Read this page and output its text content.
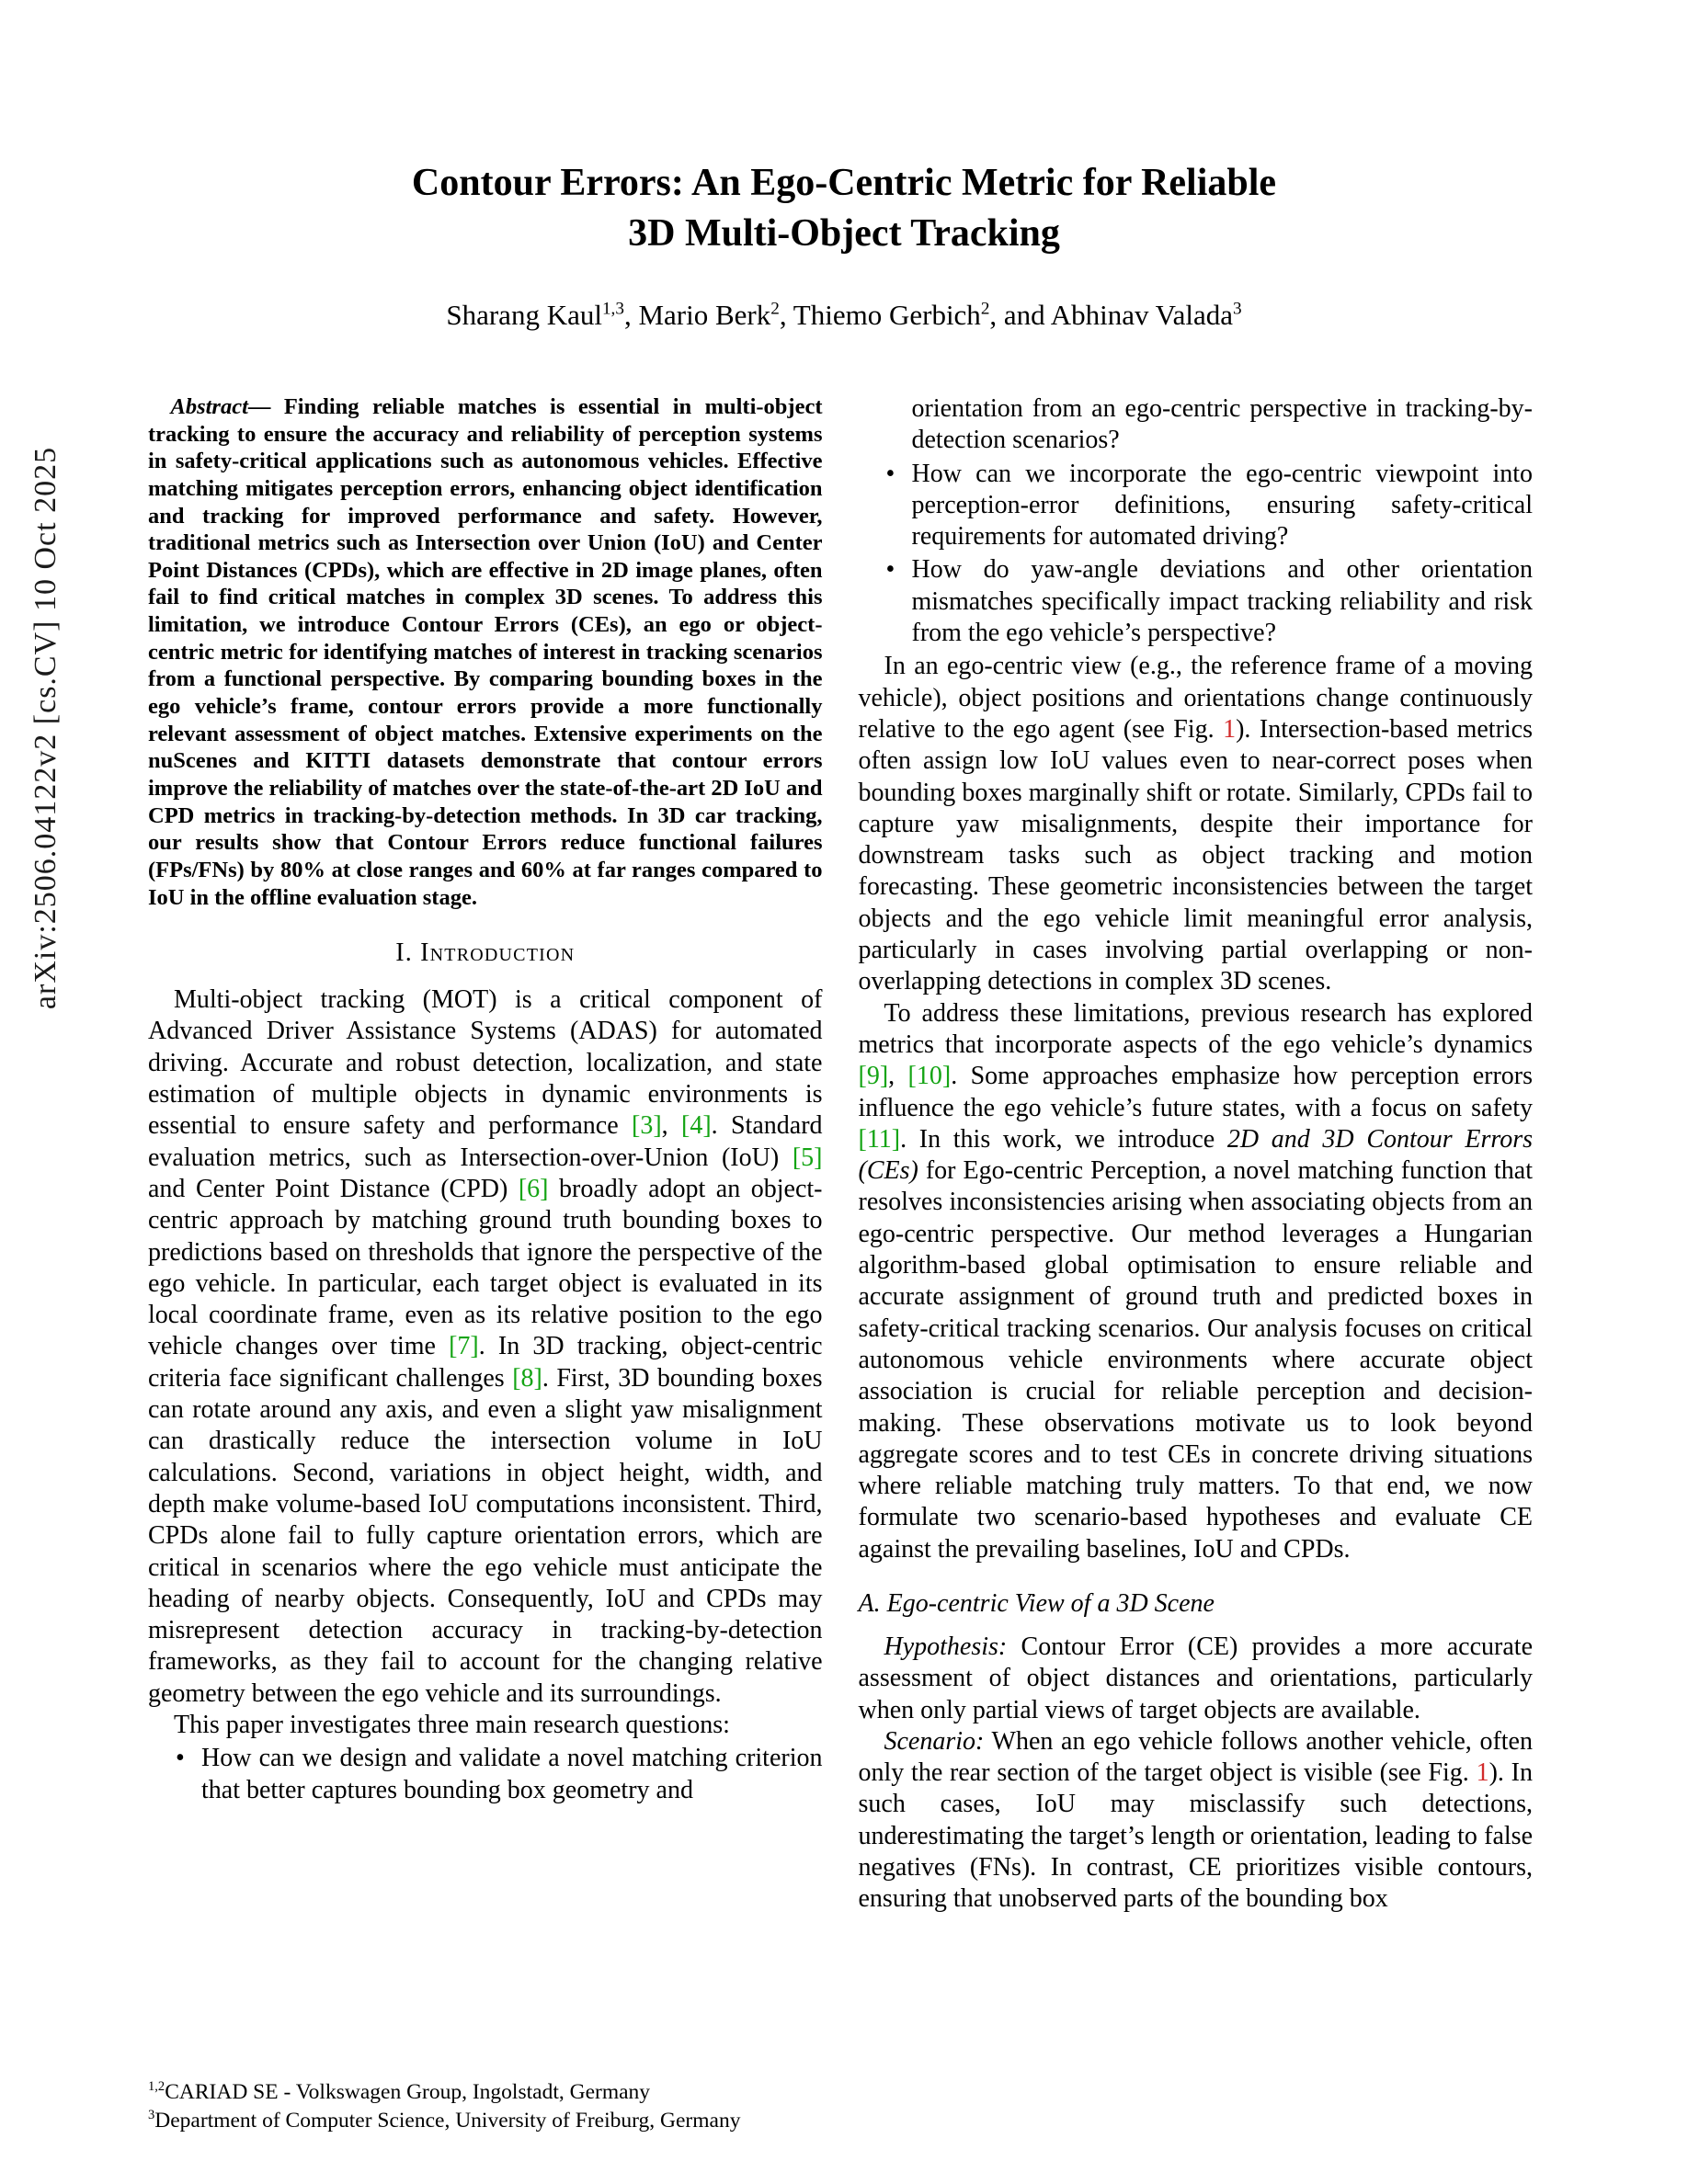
arXiv:2506.04122v2 [cs.CV] 10 Oct 2025
Contour Errors: An Ego-Centric Metric for Reliable
3D Multi-Object Tracking
Sharang Kaul$^{1,3}$, Mario Berk$^2$, Thiemo Gerbich$^2$, and Abhinav Valada$^3$

Abstract— Finding reliable matches is essential in multi-object tracking to ensure the accuracy and reliability of perception systems in safety-critical applications such as autonomous vehicles. Effective matching mitigates perception errors, enhancing object identification and tracking for improved performance and safety. However, traditional metrics such as Intersection over Union (IoU) and Center Point Distances (CPDs), which are effective in 2D image planes, often fail to find critical matches in complex 3D scenes. To address this limitation, we introduce Contour Errors (CEs), an ego or object-centric metric for identifying matches of interest in tracking scenarios from a functional perspective. By comparing bounding boxes in the ego vehicle’s frame, contour errors provide a more functionally relevant assessment of object matches. Extensive experiments on the nuScenes and KITTI datasets demonstrate that contour errors improve the reliability of matches over the state-of-the-art 2D IoU and CPD metrics in tracking-by-detection methods. In 3D car tracking, our results show that Contour Errors reduce functional failures (FPs/FNs) by 80% at close ranges and 60% at far ranges compared to IoU in the offline evaluation stage.

I. Introduction

Multi-object tracking (MOT) is a critical component of Advanced Driver Assistance Systems (ADAS) for automated driving. Accurate and robust detection, localization, and state estimation of multiple objects in dynamic environments is essential to ensure safety and performance [3], [4]. Standard evaluation metrics, such as Intersection-over-Union (IoU) [5] and Center Point Distance (CPD) [6] broadly adopt an object-centric approach by matching ground truth bounding boxes to predictions based on thresholds that ignore the perspective of the ego vehicle. In particular, each target object is evaluated in its local coordinate frame, even as its relative position to the ego vehicle changes over time [7]. In 3D tracking, object-centric criteria face significant challenges [8]. First, 3D bounding boxes can rotate around any axis, and even a slight yaw misalignment can drastically reduce the intersection volume in IoU calculations. Second, variations in object height, width, and depth make volume-based IoU computations inconsistent. Third, CPDs alone fail to fully capture orientation errors, which are critical in scenarios where the ego vehicle must anticipate the heading of nearby objects. Consequently, IoU and CPDs may misrepresent detection accuracy in tracking-by-detection frameworks, as they fail to account for the changing relative geometry between the ego vehicle and its surroundings.

This paper investigates three main research questions:

• How can we design and validate a novel matching criterion that better captures bounding box geometry and
$^{1,2}$CARIAD SE - Volkswagen Group, Ingolstadt, Germany
$^3$Department of Computer Science, University of Freiburg, Germany
orientation from an ego-centric perspective in tracking-by-detection scenarios?
• How can we incorporate the ego-centric viewpoint into perception-error definitions, ensuring safety-critical requirements for automated driving?
• How do yaw-angle deviations and other orientation mismatches specifically impact tracking reliability and risk from the ego vehicle’s perspective?

In an ego-centric view (e.g., the reference frame of a moving vehicle), object positions and orientations change continuously relative to the ego agent (see Fig. 1). Intersection-based metrics often assign low IoU values even to near-correct poses when bounding boxes marginally shift or rotate. Similarly, CPDs fail to capture yaw misalignments, despite their importance for downstream tasks such as object tracking and motion forecasting. These geometric inconsistencies between the target objects and the ego vehicle limit meaningful error analysis, particularly in cases involving partial overlapping or non-overlapping detections in complex 3D scenes.

To address these limitations, previous research has explored metrics that incorporate aspects of the ego vehicle’s dynamics [9], [10]. Some approaches emphasize how perception errors influence the ego vehicle’s future states, with a focus on safety [11]. In this work, we introduce 2D and 3D Contour Errors (CEs) for Ego-centric Perception, a novel matching function that resolves inconsistencies arising when associating objects from an ego-centric perspective. Our method leverages a Hungarian algorithm-based global optimisation to ensure reliable and accurate assignment of ground truth and predicted boxes in safety-critical tracking scenarios. Our analysis focuses on critical autonomous vehicle environments where accurate object association is crucial for reliable perception and decision-making. These observations motivate us to look beyond aggregate scores and to test CEs in concrete driving situations where reliable matching truly matters. To that end, we now formulate two scenario-based hypotheses and evaluate CE against the prevailing baselines, IoU and CPDs.

A. Ego-centric View of a 3D Scene

Hypothesis: Contour Error (CE) provides a more accurate assessment of object distances and orientations, particularly when only partial views of target objects are available.

Scenario: When an ego vehicle follows another vehicle, often only the rear section of the target object is visible (see Fig. 1). In such cases, IoU may misclassify such detections, underestimating the target’s length or orientation, leading to false negatives (FNs). In contrast, CE prioritizes visible contours, ensuring that unobserved parts of the bounding box
